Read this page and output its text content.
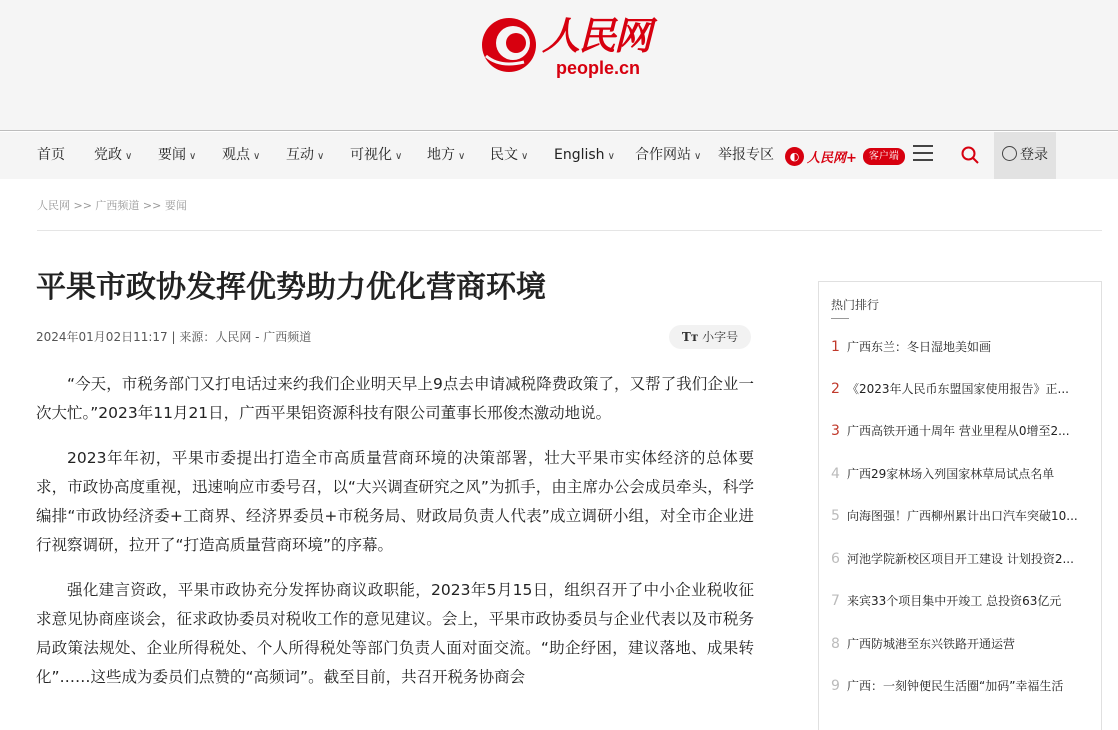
人民网
people.cn
首页 党政 ∨ 要闻 ∨ 观点 ∨ 互动 ∨ 可视化 ∨ 地方 ∨ 民文 ∨ English ∨ 合作网站 ∨ 举报专区	◐ 人民网+	客户端	登录
人民网 >> 广西频道 >> 要闻
平果市政协发挥优势助力优化营商环境
2024年01月02日11:17 | 来源：人民网 - 广西频道	Tт 小字号

“今天，市税务部门又打电话过来约我们企业明天早上9点去申请减税降费政策了，又帮了我们企业一次大忙。”2023年11月21日，广西平果铝资源科技有限公司董事长邢俊杰激动地说。

2023年年初，平果市委提出打造全市高质量营商环境的决策部署，壮大平果市实体经济的总体要求，市政协高度重视，迅速响应市委号召，以“大兴调查研究之风”为抓手，由主席办公会成员牵头，科学编排“市政协经济委+工商界、经济界委员+市税务局、财政局负责人代表”成立调研小组，对全市企业进行视察调研，拉开了“打造高质量营商环境”的序幕。

强化建言资政，平果市政协充分发挥协商议政职能，2023年5月15日，组织召开了中小企业税收征求意见协商座谈会，征求政协委员对税收工作的意见建议。会上，平果市政协委员与企业代表以及市税务局政策法规处、企业所得税处、个人所得税处等部门负责人面对面交流。“助企纾困，建议落地、成果转化”……这些成为委员们点赞的“高频词”。截至目前，共召开税务协商会

热门排行
1 广西东兰：冬日湿地美如画
2 《2023年人民币东盟国家使用报告》正...
3 广西高铁开通十周年 营业里程从0增至2...
4 广西29家林场入列国家林草局试点名单
5 向海图强！广西柳州累计出口汽车突破10...
6 河池学院新校区项目开工建设 计划投资2...
7 来宾33个项目集中开竣工 总投资63亿元
8 广西防城港至东兴铁路开通运营
9 广西：一刻钟便民生活圈“加码”幸福生活
